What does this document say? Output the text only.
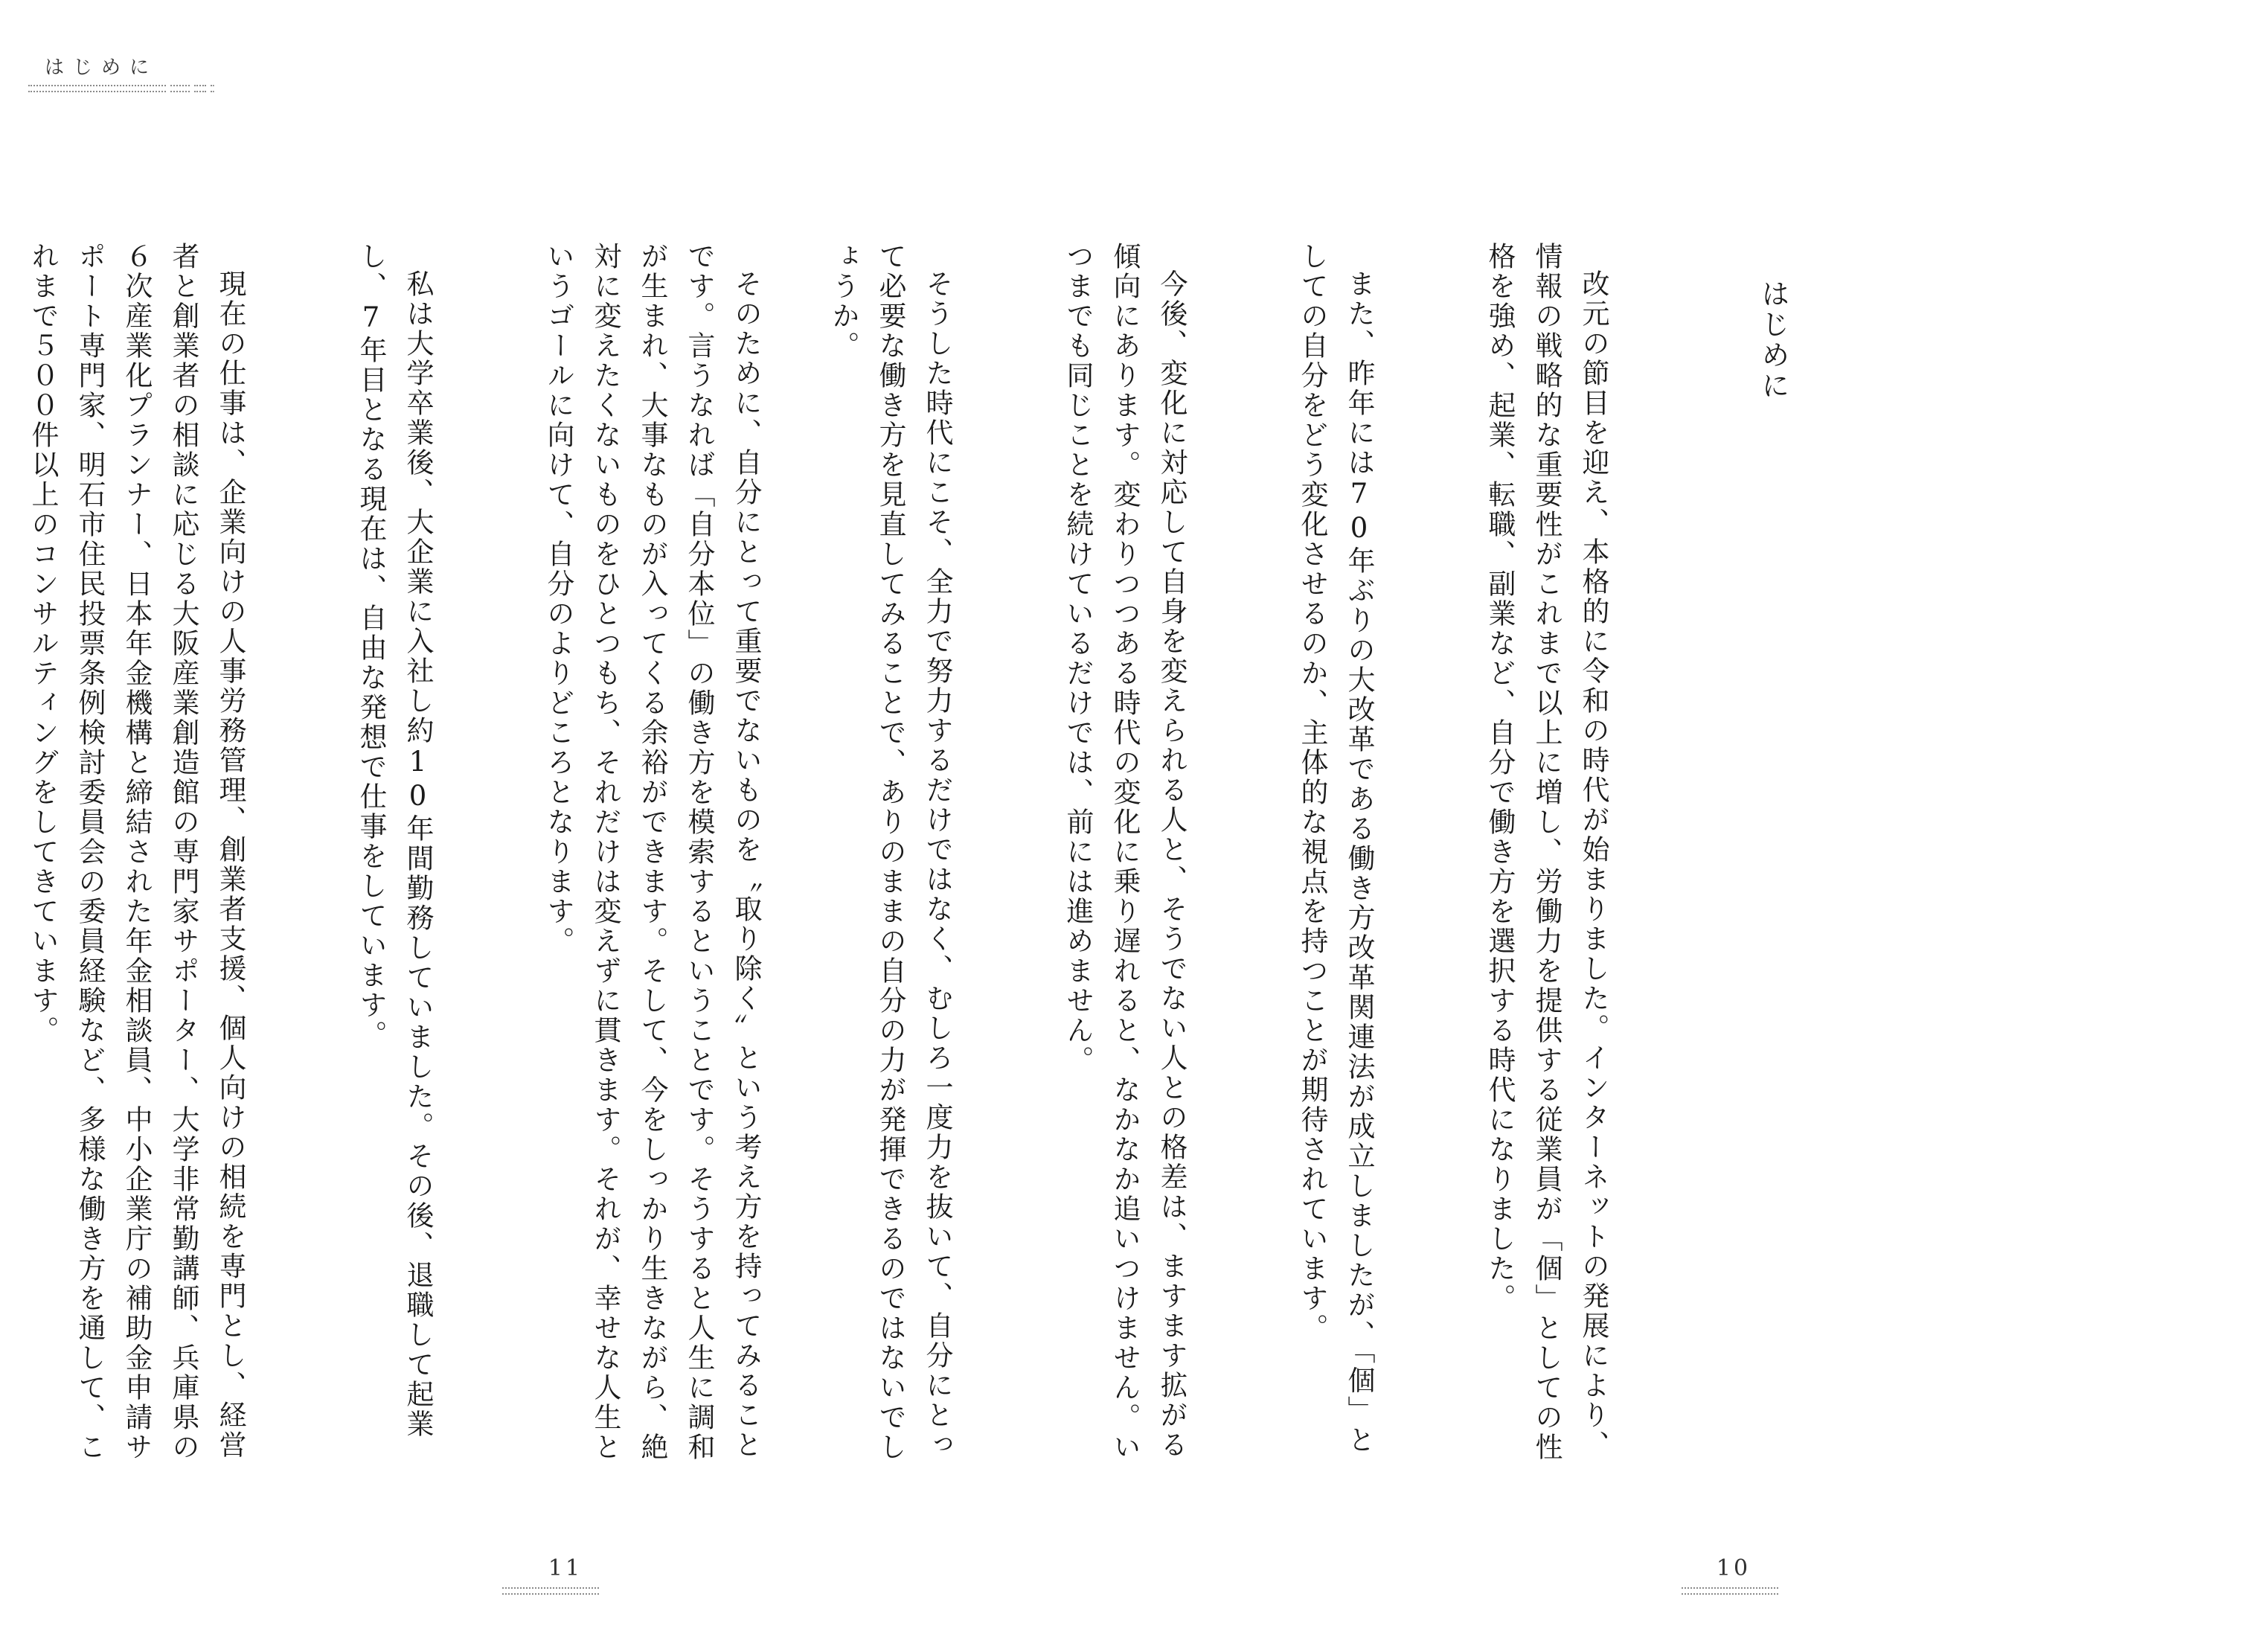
はじめに

はじめに

改元の節目を迎え、本格的に令和の時代が始まりました。インターネットの発展により、情報の戦略的な重要性がこれまで以上に増し、労働力を提供する従業員が「個」としての性格を強め、起業、転職、副業など、自分で働き方を選択する時代になりました。

また、昨年には70年ぶりの大改革である働き方改革関連法が成立しましたが、「個」としての自分をどう変化させるのか、主体的な視点を持つことが期待されています。

今後、変化に対応して自身を変えられる人と、そうでない人との格差は、ますます拡がる傾向にあります。変わりつつある時代の変化に乗り遅れると、なかなか追いつけません。いつまでも同じことを続けているだけでは、前には進めません。

そうした時代にこそ、全力で努力するだけではなく、むしろ一度力を抜いて、自分にとって必要な働き方を見直してみることで、ありのままの自分の力が発揮できるのではないでしょうか。

そのために、自分にとって重要でないものを〝取り除く〟という考え方を持ってみることです。言うなれば「自分本位」の働き方を模索するということです。そうすると人生に調和が生まれ、大事なものが入ってくる余裕ができます。そして、今をしっかり生きながら、絶対に変えたくないものをひとつもち、それだけは変えずに貫きます。それが、幸せな人生というゴールに向けて、自分のよりどころとなります。

私は大学卒業後、大企業に入社し約10年間勤務していました。その後、退職して起業し、7年目となる現在は、自由な発想で仕事をしています。

現在の仕事は、企業向けの人事労務管理、創業者支援、個人向けの相続を専門とし、経営者と創業者の相談に応じる大阪産業創造館の専門家サポーター、大学非常勤講師、兵庫県の６次産業化プランナー、日本年金機構と締結された年金相談員、中小企業庁の補助金申請サポート専門家、明石市住民投票条例検討委員会の委員経験など、多様な働き方を通して、これまで５００件以上のコンサルティングをしてきています。

11	10
